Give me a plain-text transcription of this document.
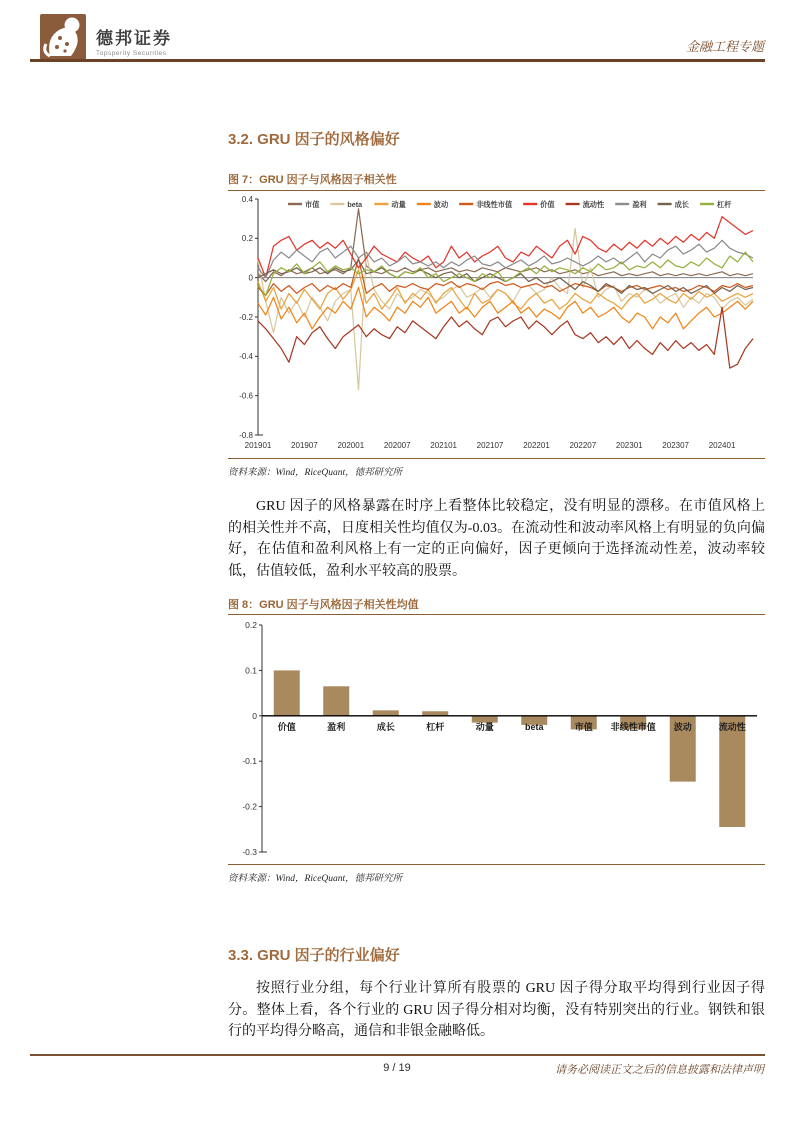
德邦证券
Topsperity Securities	金融工程专题
3.2. GRU 因子的风格偏好
图 7：GRU 因子与风格因子相关性
0.4
0.2
0
-0.2
-0.4
-0.6
-0.8
201901 201907 202001 202007 202101 202107 202201 202207 202301 202307 202401
市值	beta	动量	波动	非线性市值	价值	流动性	盈利	成长	杠杆
资料来源：Wind，RiceQuant，德邦研究所

GRU 因子的风格暴露在时序上看整体比较稳定，没有明显的漂移。在市值风格上的相关性并不高，日度相关性均值仅为-0.03。在流动性和波动率风格上有明显的负向偏好，在估值和盈利风格上有一定的正向偏好，因子更倾向于选择流动性差，波动率较低，估值较低，盈利水平较高的股票。

图 8：GRU 因子与风格因子相关性均值
0.2
0.1
0
-0.1
-0.2
-0.3
价值	盈利	成长	杠杆	动量	beta	市值 非线性市值 波动	流动性
资料来源：Wind，RiceQuant，德邦研究所
3.3. GRU 因子的行业偏好

按照行业分组，每个行业计算所有股票的 GRU 因子得分取平均得到行业因子得分。整体上看，各个行业的 GRU 因子得分相对均衡，没有特别突出的行业。钢铁和银行的平均得分略高，通信和非银金融略低。

9 / 19	请务必阅读正文之后的信息披露和法律声明
